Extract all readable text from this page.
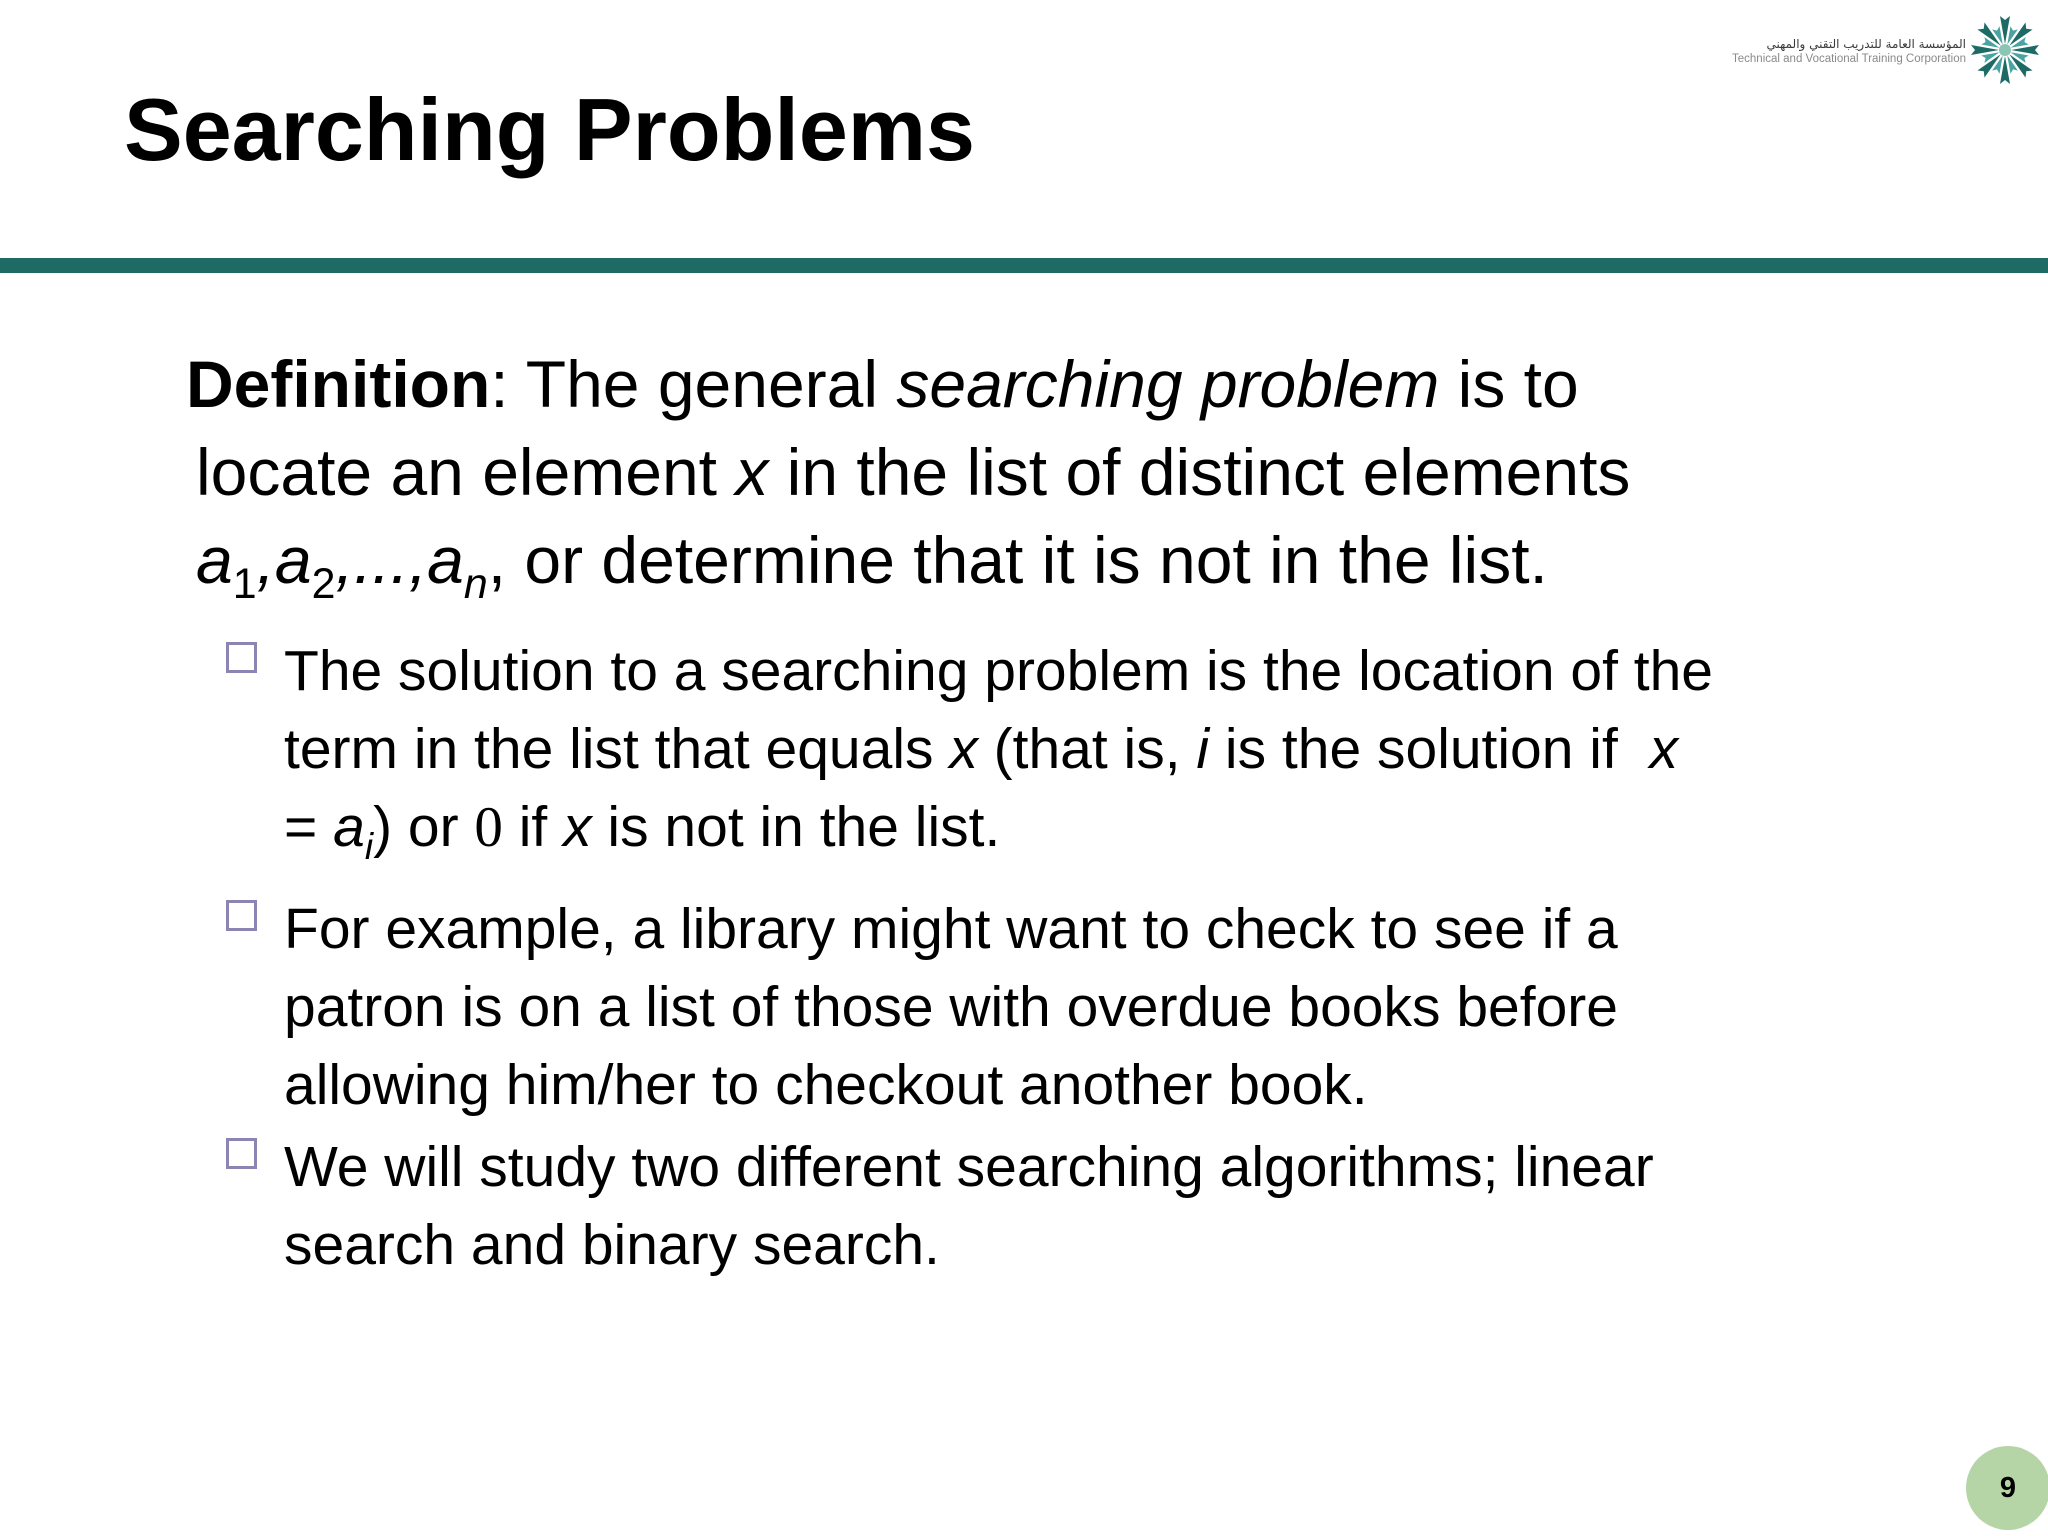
Searching Problems
المؤسسة العامة للتدريب التقني والمهني
Technical and Vocational Training Corporation
Definition: The general searching problem is to
locate an element x in the list of distinct elements
$a_1,a_2,...,a_n$, or determine that it is not in the list.
The solution to a searching problem is the location of the
term in the list that equals x (that is, i is the solution if  x
= $a_i$) or 0 if x is not in the list.
For example, a library might want to check to see if a
patron is on a list of those with overdue books before
allowing him/her to checkout another book.
We will study two different searching algorithms; linear
search and binary search.
9
